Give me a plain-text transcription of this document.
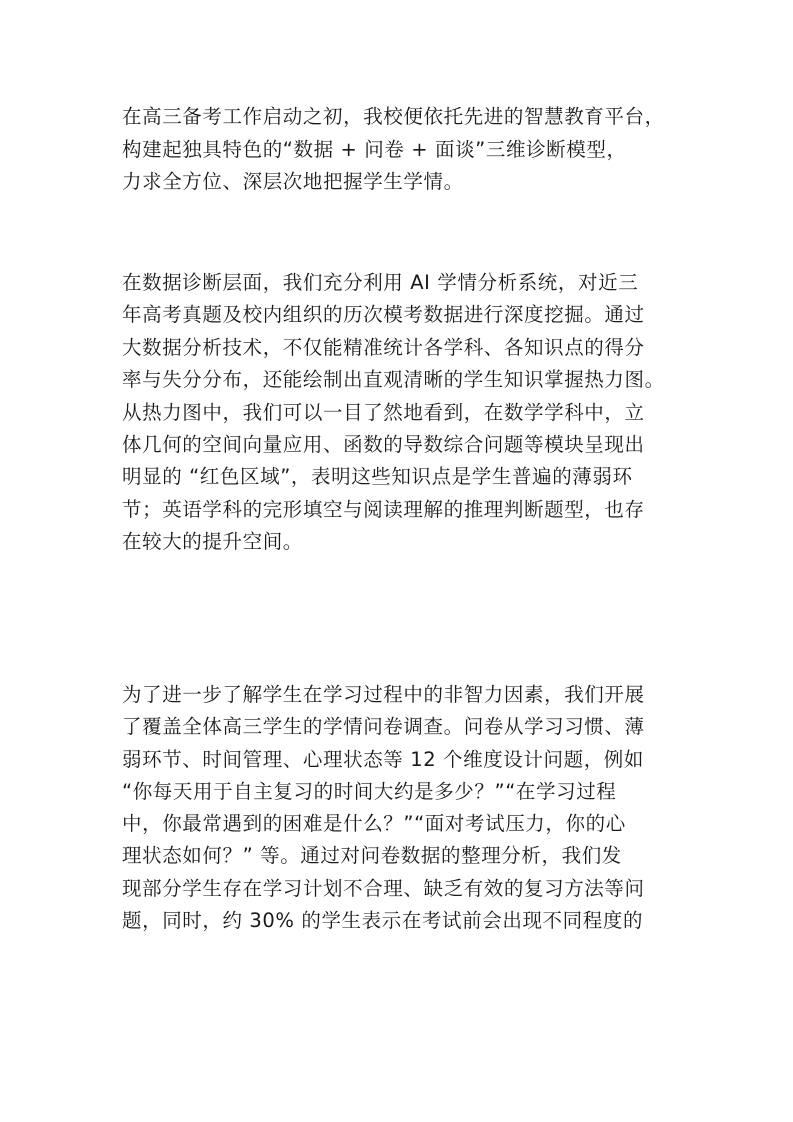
在高三备考工作启动之初，我校便依托先进的智慧教育平台，
构建起独具特色的“数据 + 问卷 + 面谈”三维诊断模型，
力求全方位、深层次地把握学生学情。
在数据诊断层面，我们充分利用 AI 学情分析系统，对近三
年高考真题及校内组织的历次模考数据进行深度挖掘。通过
大数据分析技术，不仅能精准统计各学科、各知识点的得分
率与失分分布，还能绘制出直观清晰的学生知识掌握热力图。
从热力图中，我们可以一目了然地看到，在数学学科中，立
体几何的空间向量应用、函数的导数综合问题等模块呈现出
明显的 “红色区域”，表明这些知识点是学生普遍的薄弱环
节；英语学科的完形填空与阅读理解的推理判断题型，也存
在较大的提升空间。
为了进一步了解学生在学习过程中的非智力因素，我们开展
了覆盖全体高三学生的学情问卷调查。问卷从学习习惯、薄
弱环节、时间管理、心理状态等 12 个维度设计问题，例如
“你每天用于自主复习的时间大约是多少？”“在学习过程
中，你最常遇到的困难是什么？”“面对考试压力，你的心
理状态如何？” 等。通过对问卷数据的整理分析，我们发
现部分学生存在学习计划不合理、缺乏有效的复习方法等问
题，同时，约 30% 的学生表示在考试前会出现不同程度的
